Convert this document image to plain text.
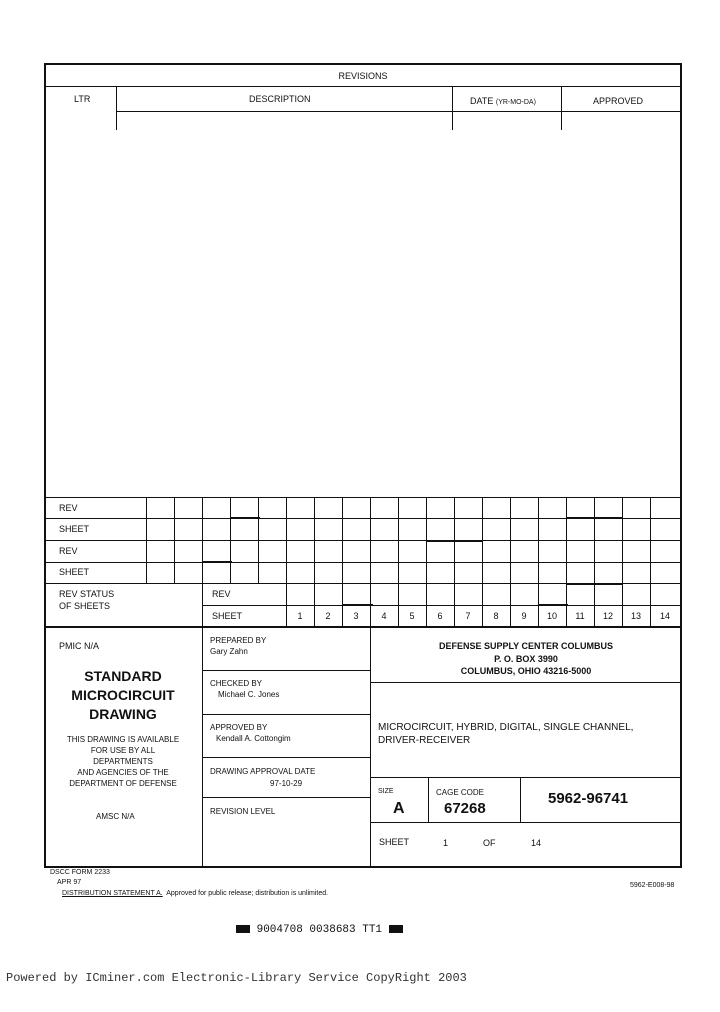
REVISIONS
LTR	DESCRIPTION	DATE (YR-MO-DA)	APPROVED
REV
SHEET
REV
SHEET
REV STATUS
OF SHEETS
REV
SHEET	1	2	3	4	5	6	7	8	9	10	11	12	13	14
PMIC N/A
STANDARD
MICROCIRCUIT
DRAWING
THIS DRAWING IS AVAILABLE
FOR USE BY ALL
DEPARTMENTS
AND AGENCIES OF THE
DEPARTMENT OF DEFENSE
AMSC N/A
PREPARED BY
Gary Zahn
CHECKED BY
Michael C. Jones
APPROVED BY
Kendall A. Cottongim
DRAWING APPROVAL DATE
97-10-29
REVISION LEVEL
DEFENSE SUPPLY CENTER COLUMBUS
P. O. BOX 3990
COLUMBUS, OHIO 43216-5000
MICROCIRCUIT, HYBRID, DIGITAL, SINGLE CHANNEL,
DRIVER-RECEIVER
SIZE
A
CAGE CODE
67268
5962-96741
SHEET	1	OF	14
DSCC FORM 2233
APR 97
DISTRIBUTION STATEMENT A. Approved for public release; distribution is unlimited.
5962-E008-98
9004708 0038683 TT1
Powered by ICminer.com Electronic-Library Service CopyRight 2003
